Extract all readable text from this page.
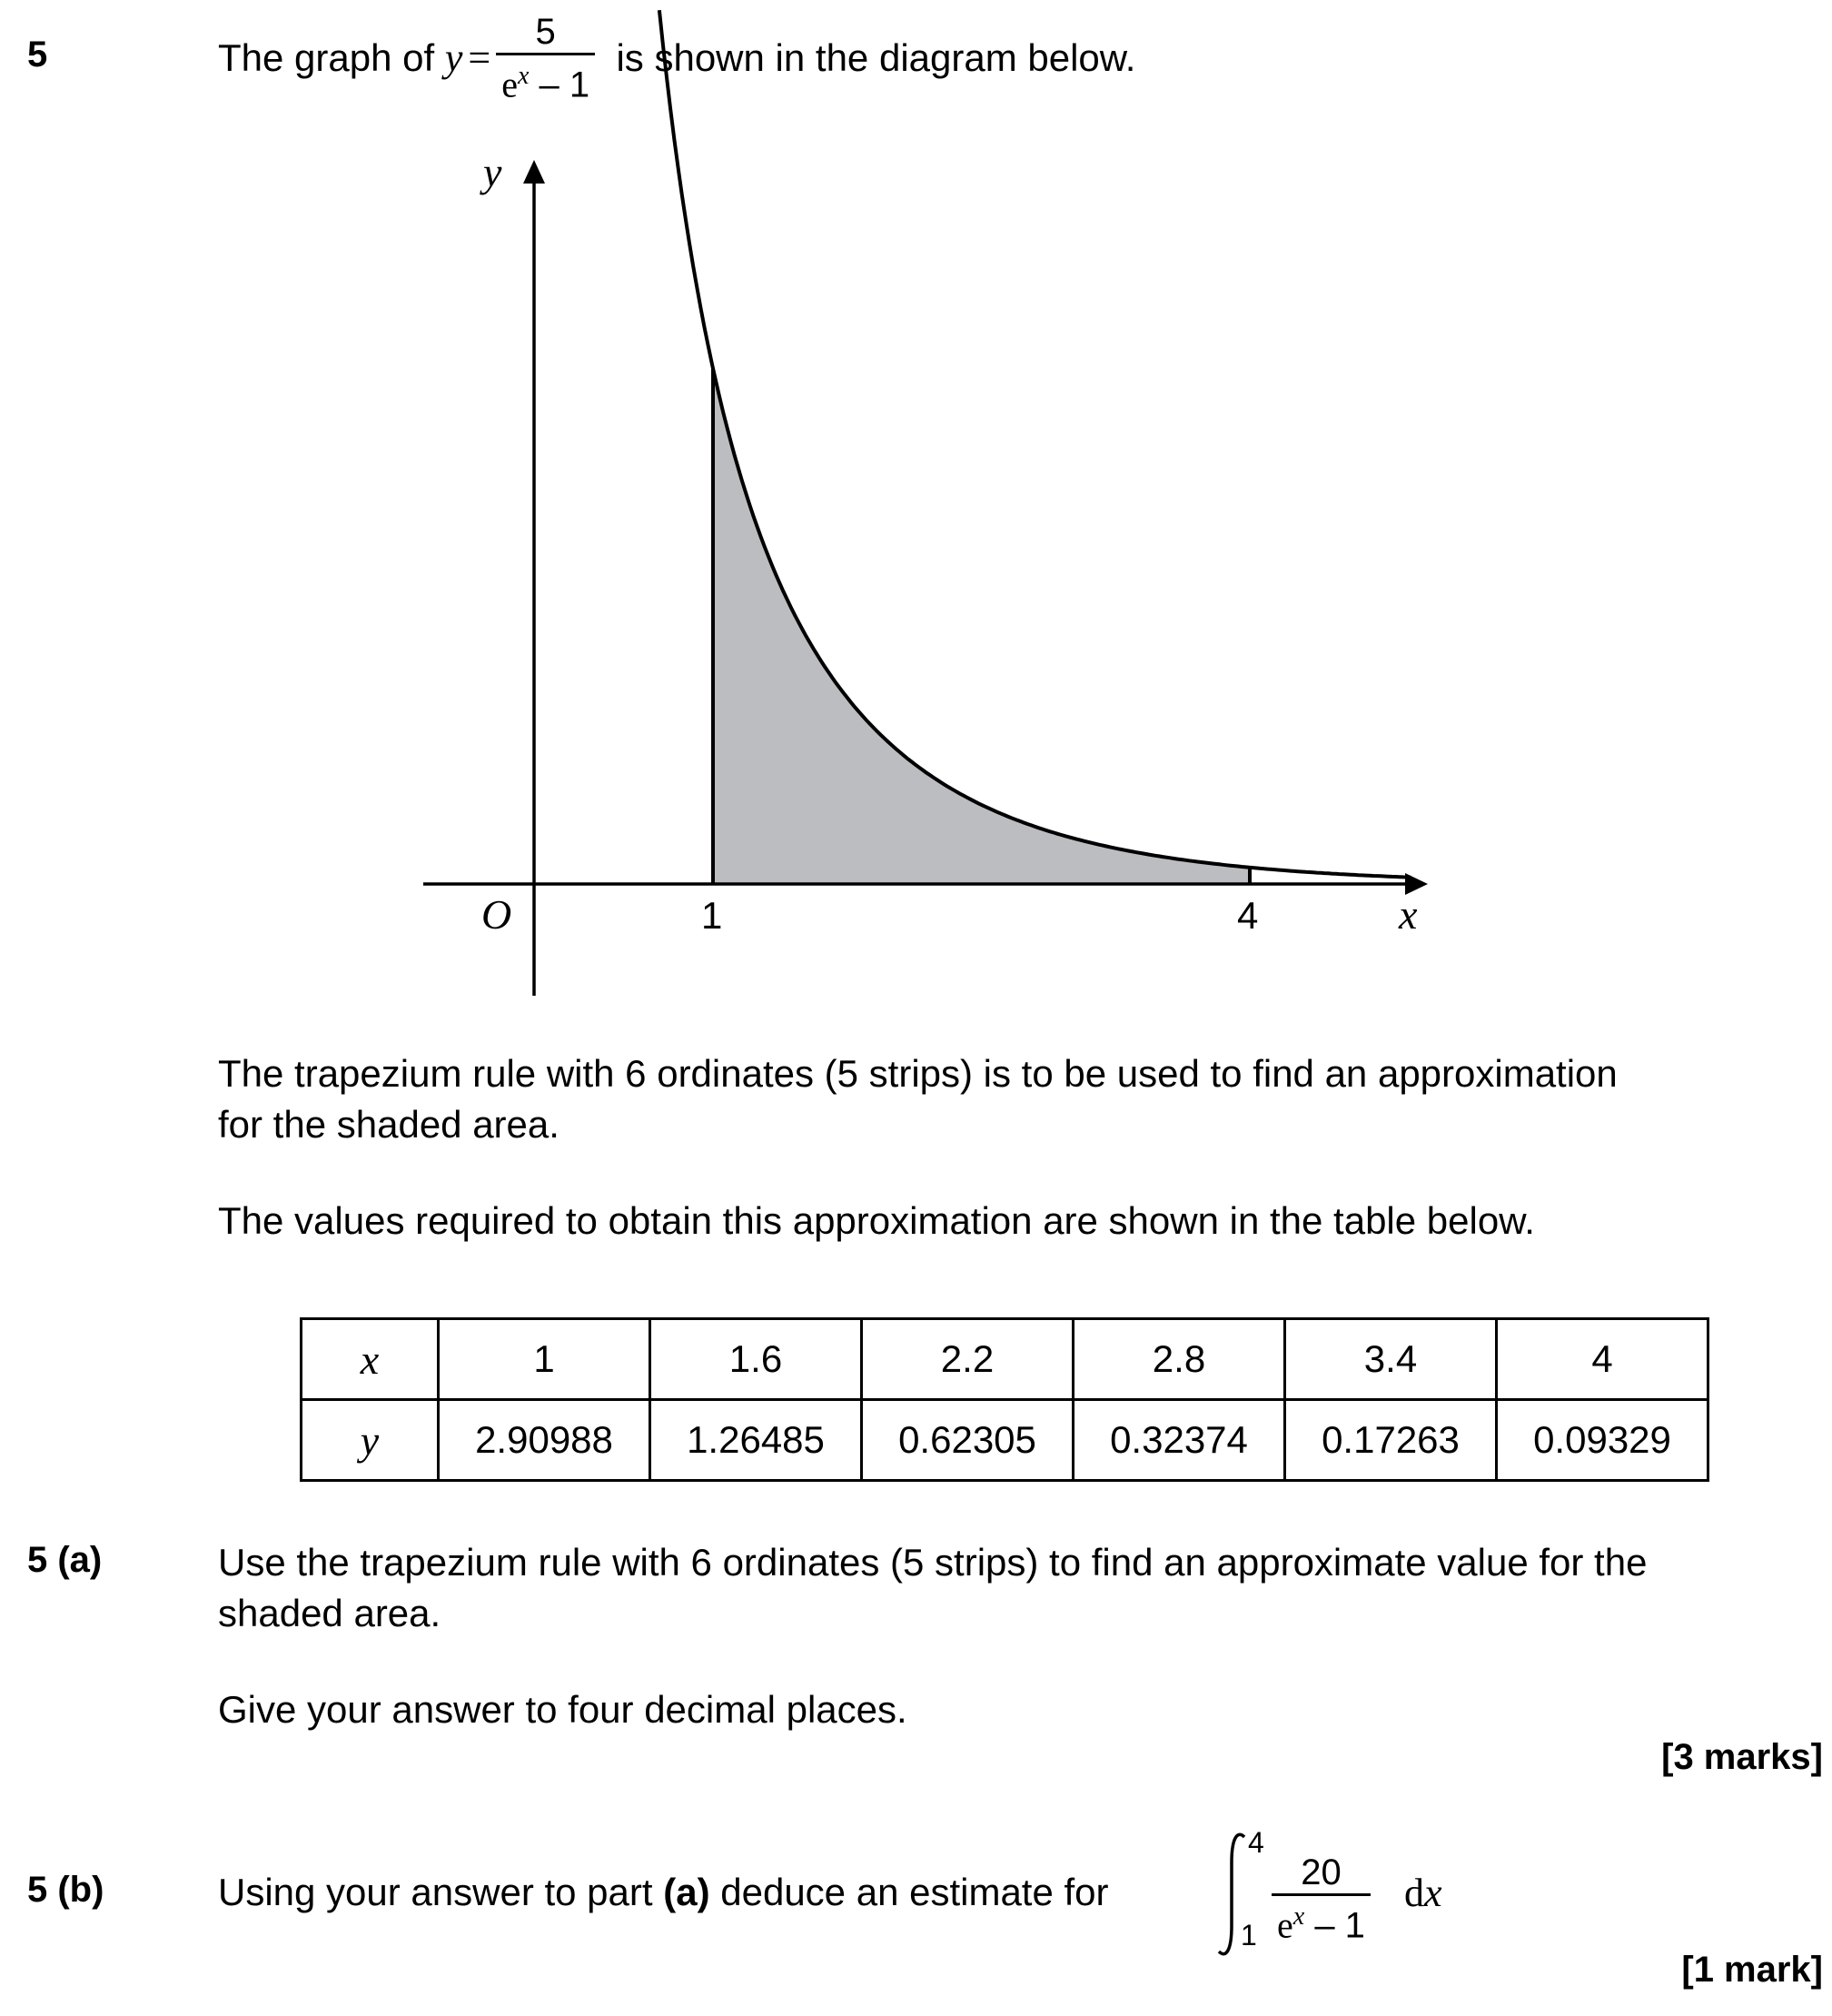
5	The graph of
$y = \frac{5}{e^x - 1}$
is shown in the diagram below.
y
x
O	1	4
The trapezium rule with 6 ordinates (5 strips) is to be used to find an approximation
for the shaded area.
The values required to obtain this approximation are shown in the table below.
x	1	1.6	2.2	2.8	3.4	4
y	2.90988	1.26485	0.62305	0.32374	0.17263	0.09329
5 (a)	Use the trapezium rule with 6 ordinates (5 strips) to find an approximate value for the
shaded area.
Give your answer to four decimal places.
[3 marks]
5 (b)	Using your answer to part (a) deduce an estimate for
4
$1 \frac{20}{e^x - 1}$ dx
[1 mark]
